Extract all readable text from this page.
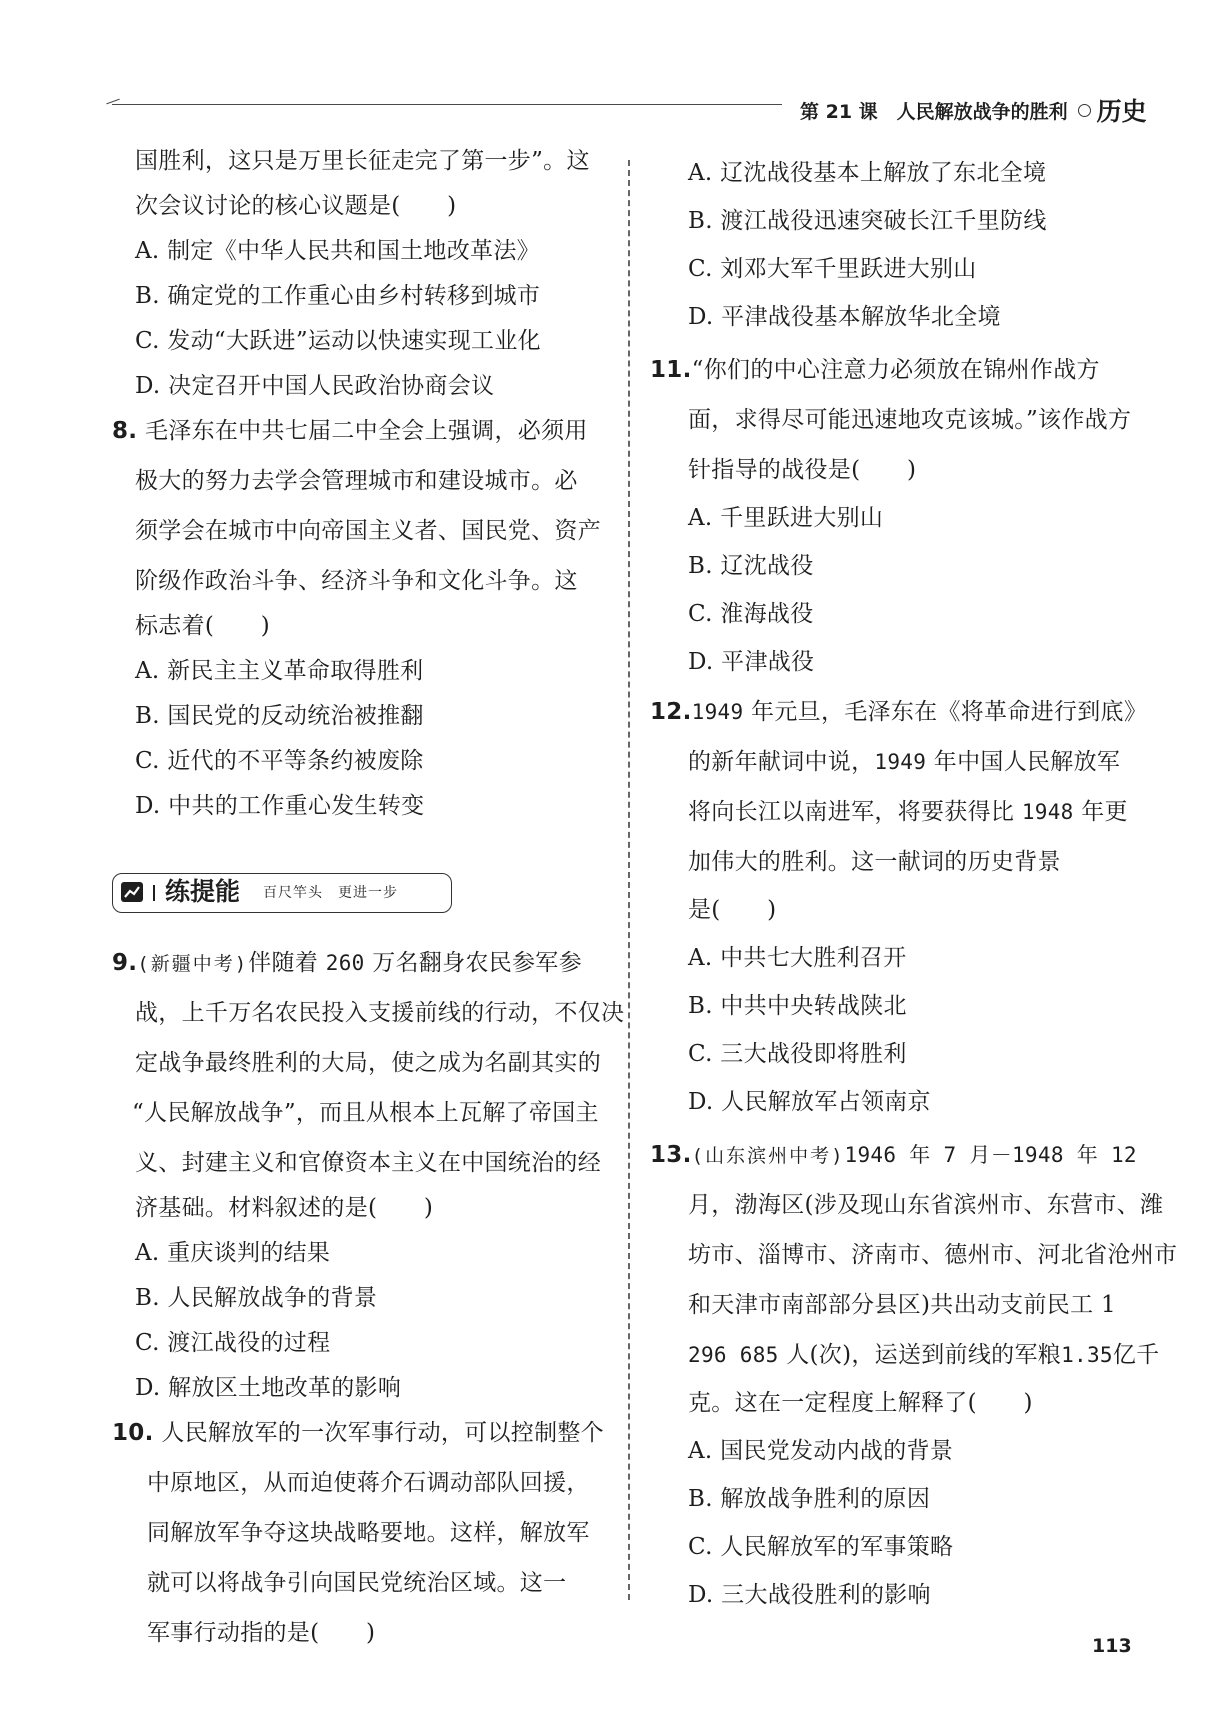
第 21 课　人民解放战争的胜利 历史
国胜利，这只是万里长征走完了第一步”。这
次会议讨论的核心议题是(　　)
A. 制定《中华人民共和国土地改革法》
B. 确定党的工作重心由乡村转移到城市
C. 发动“大跃进”运动以快速实现工业化
D. 决定召开中国人民政治协商会议
8. 毛泽东在中共七届二中全会上强调，必须用
极大的努力去学会管理城市和建设城市。必
须学会在城市中向帝国主义者、国民党、资产
阶级作政治斗争、经济斗争和文化斗争。这
标志着(　　)
A. 新民主主义革命取得胜利
B. 国民党的反动统治被推翻
C. 近代的不平等条约被废除
D. 中共的工作重心发生转变
练提能 百尺竿头　更进一步
9.(新疆中考)伴随着 260 万名翻身农民参军参
战，上千万名农民投入支援前线的行动，不仅决
定战争最终胜利的大局，使之成为名副其实的
“人民解放战争”，而且从根本上瓦解了帝国主
义、封建主义和官僚资本主义在中国统治的经
济基础。材料叙述的是(　　)
A. 重庆谈判的结果
B. 人民解放战争的背景
C. 渡江战役的过程
D. 解放区土地改革的影响
10. 人民解放军的一次军事行动，可以控制整个
中原地区，从而迫使蒋介石调动部队回援，
同解放军争夺这块战略要地。这样，解放军
就可以将战争引向国民党统治区域。这一
军事行动指的是(　　)
A. 辽沈战役基本上解放了东北全境
B. 渡江战役迅速突破长江千里防线
C. 刘邓大军千里跃进大别山
D. 平津战役基本解放华北全境
11.“你们的中心注意力必须放在锦州作战方
面，求得尽可能迅速地攻克该城。”该作战方
针指导的战役是(　　)
A. 千里跃进大别山
B. 辽沈战役
C. 淮海战役
D. 平津战役
12.1949 年元旦，毛泽东在《将革命进行到底》
的新年献词中说，1949 年中国人民解放军
将向长江以南进军，将要获得比 1948 年更
加伟大的胜利。这一献词的历史背景
是(　　)
A. 中共七大胜利召开
B. 中共中央转战陕北
C. 三大战役即将胜利
D. 人民解放军占领南京
13.(山东滨州中考)1946 年 7 月－1948 年 12
月，渤海区(涉及现山东省滨州市、东营市、潍
坊市、淄博市、济南市、德州市、河北省沧州市
和天津市南部部分县区)共出动支前民工 1
296 685 人(次)，运送到前线的军粮1.35亿千
克。这在一定程度上解释了(　　)
A. 国民党发动内战的背景
B. 解放战争胜利的原因
C. 人民解放军的军事策略
D. 三大战役胜利的影响
113
